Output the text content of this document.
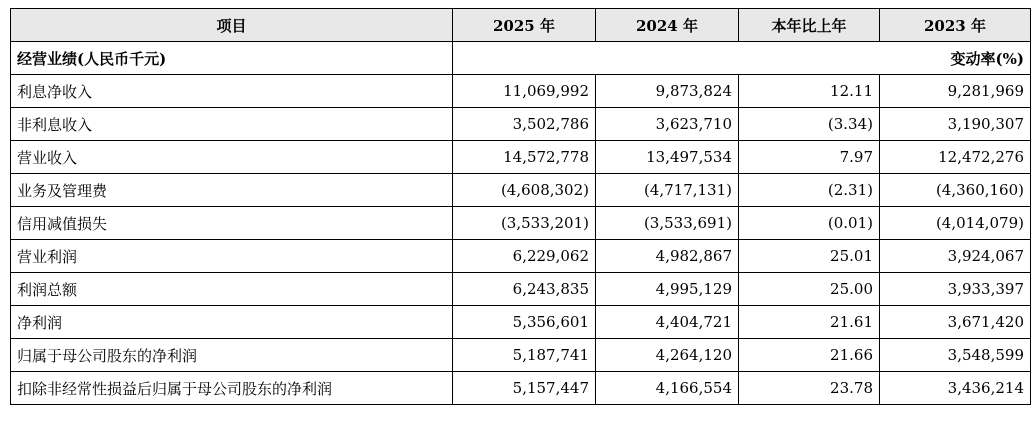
项目	2025 年	2024 年	本年比上年	2023 年
经营业绩(人民币千元)	变动率(%)			
利息净收入	11,069,992	9,873,824	12.11	9,281,969
非利息收入	3,502,786	3,623,710	(3.34)	3,190,307
营业收入	14,572,778	13,497,534	7.97	12,472,276
业务及管理费	(4,608,302)	(4,717,131)	(2.31)	(4,360,160)
信用减值损失	(3,533,201)	(3,533,691)	(0.01)	(4,014,079)
营业利润	6,229,062	4,982,867	25.01	3,924,067
利润总额	6,243,835	4,995,129	25.00	3,933,397
净利润	5,356,601	4,404,721	21.61	3,671,420
归属于母公司股东的净利润	5,187,741	4,264,120	21.66	3,548,599
扣除非经常性损益后归属于母公司股东的净利润	5,157,447	4,166,554	23.78	3,436,214
